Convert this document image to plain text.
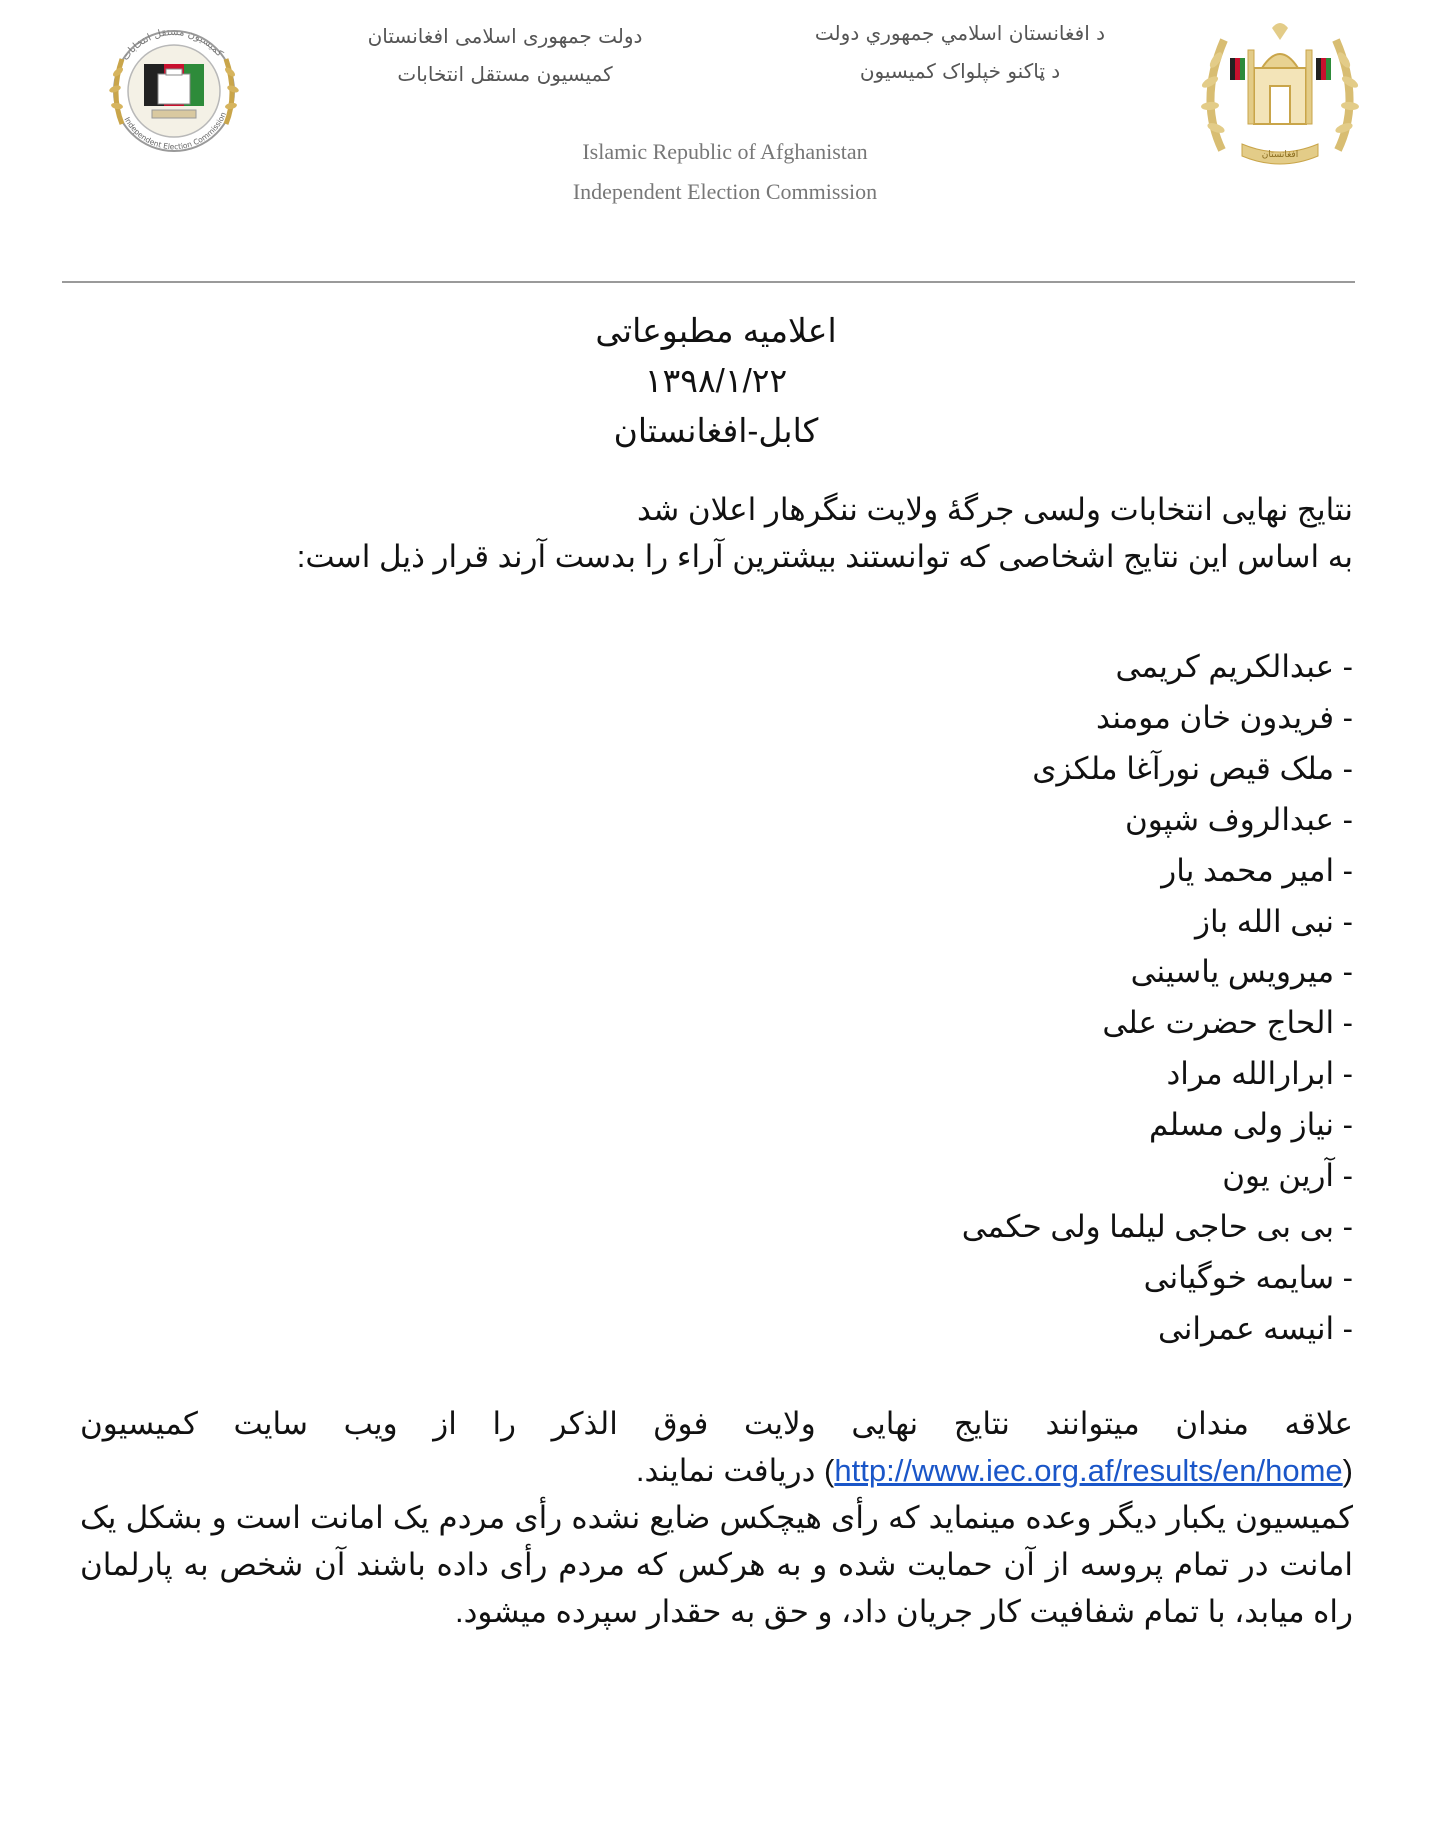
Independent Election Commission
کمیسیون مستقل انتخابات
دولت جمهوری اسلامی افغانستان
کمیسیون مستقل انتخابات
د افغانستان اسلامي جمهوري دولت
د ټاکنو خپلواک کمیسیون
Islamic Republic of Afghanistan
Independent Election Commission
افغانستان
اعلامیه مطبوعاتی
۱۳۹۸/۱/۲۲
کابل-افغانستان

نتایج نهایی انتخابات ولسی جرگۀ ولایت ننگرهار اعلان شد

به اساس این نتایج اشخاصی که توانستند بیشترین آراء را بدست آرند قرار ذیل است:

- عبدالکریم کریمی
- فریدون خان مومند
- ملک قیص نورآغا ملکزی
- عبدالروف شپون
- امیر محمد یار
- نبی الله باز
- میرویس یاسینی
- الحاج حضرت علی
- ابرارالله مراد
- نیاز ولی مسلم
- آرین یون
- بی بی حاجی لیلما ولی حکمی
- سایمه خوگیانی
- انیسه عمرانی

علاقه مندان میتوانند نتایج نهایی ولایت فوق الذکر را از ویب سایت کمیسیون (http://www.iec.org.af/results/en/home) دریافت نمایند.

کمیسیون یکبار دیگر وعده مینماید که رأی هیچکس ضایع نشده رأی مردم یک امانت است و بشکل یک امانت در تمام پروسه از آن حمایت شده و به هرکس که مردم رأی داده باشند آن شخص به پارلمان راه میابد، با تمام شفافیت کار جریان داد، و حق به حقدار سپرده میشود.
